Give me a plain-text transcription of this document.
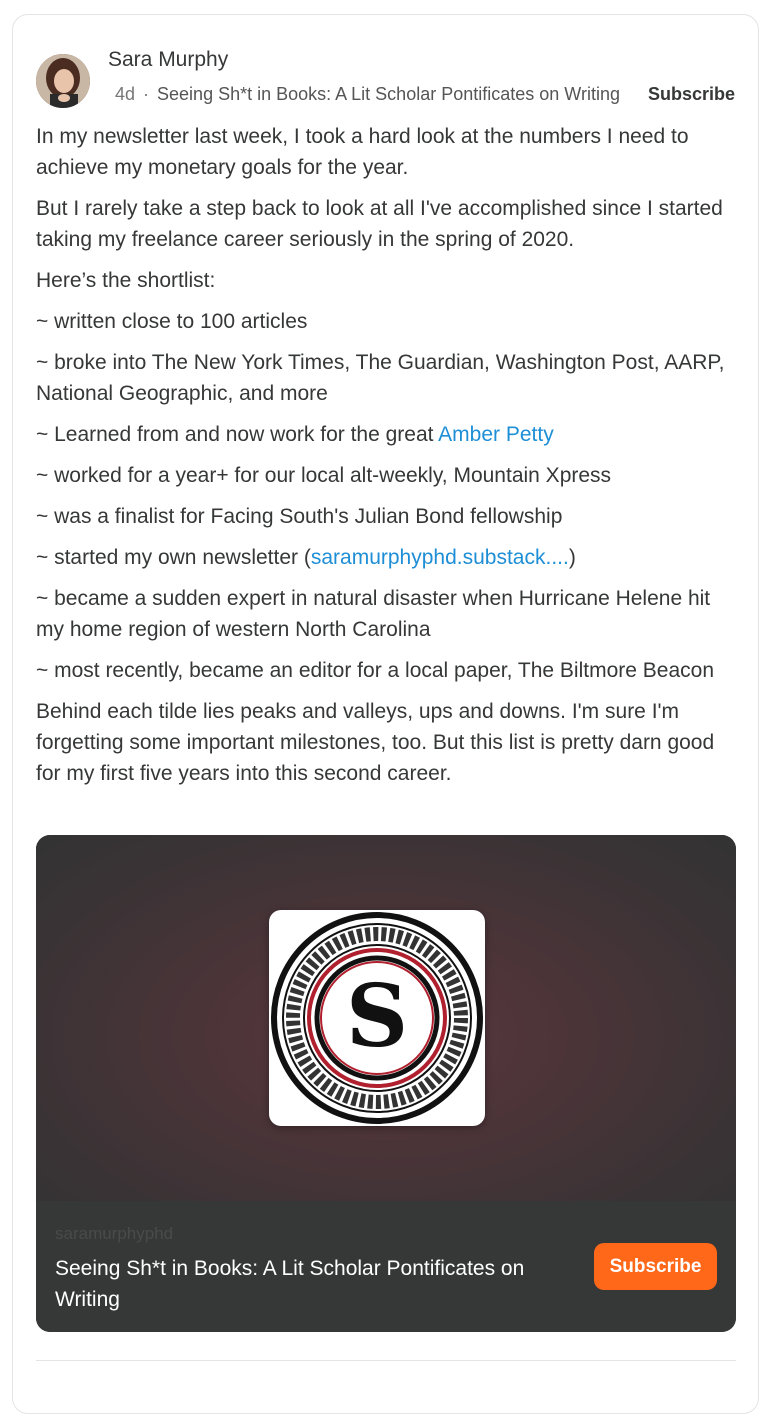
Sara Murphy
4d · Seeing Sh*t in Books: A Lit Scholar Pontificates on Writing Subscribe

In my newsletter last week, I took a hard look at the numbers I need to achieve my monetary goals for the year.

But I rarely take a step back to look at all I've accomplished since I started taking my freelance career seriously in the spring of 2020.

Here’s the shortlist:

~ written close to 100 articles

~ broke into The New York Times, The Guardian, Washington Post, AARP, National Geographic, and more

~ Learned from and now work for the great Amber Petty

~ worked for a year+ for our local alt-weekly, Mountain Xpress

~ was a finalist for Facing South's Julian Bond fellowship

~ started my own newsletter (saramurphyphd.substack....)

~ became a sudden expert in natural disaster when Hurricane Helene hit my home region of western North Carolina

~ most recently, became an editor for a local paper, The Biltmore Beacon

Behind each tilde lies peaks and valleys, ups and downs. I'm sure I'm forgetting some important milestones, too. But this list is pretty darn good for my first five years into this second career.

S
saramurphyphd
Seeing Sh*t in Books: A Lit Scholar Pontificates on Writing
Subscribe
